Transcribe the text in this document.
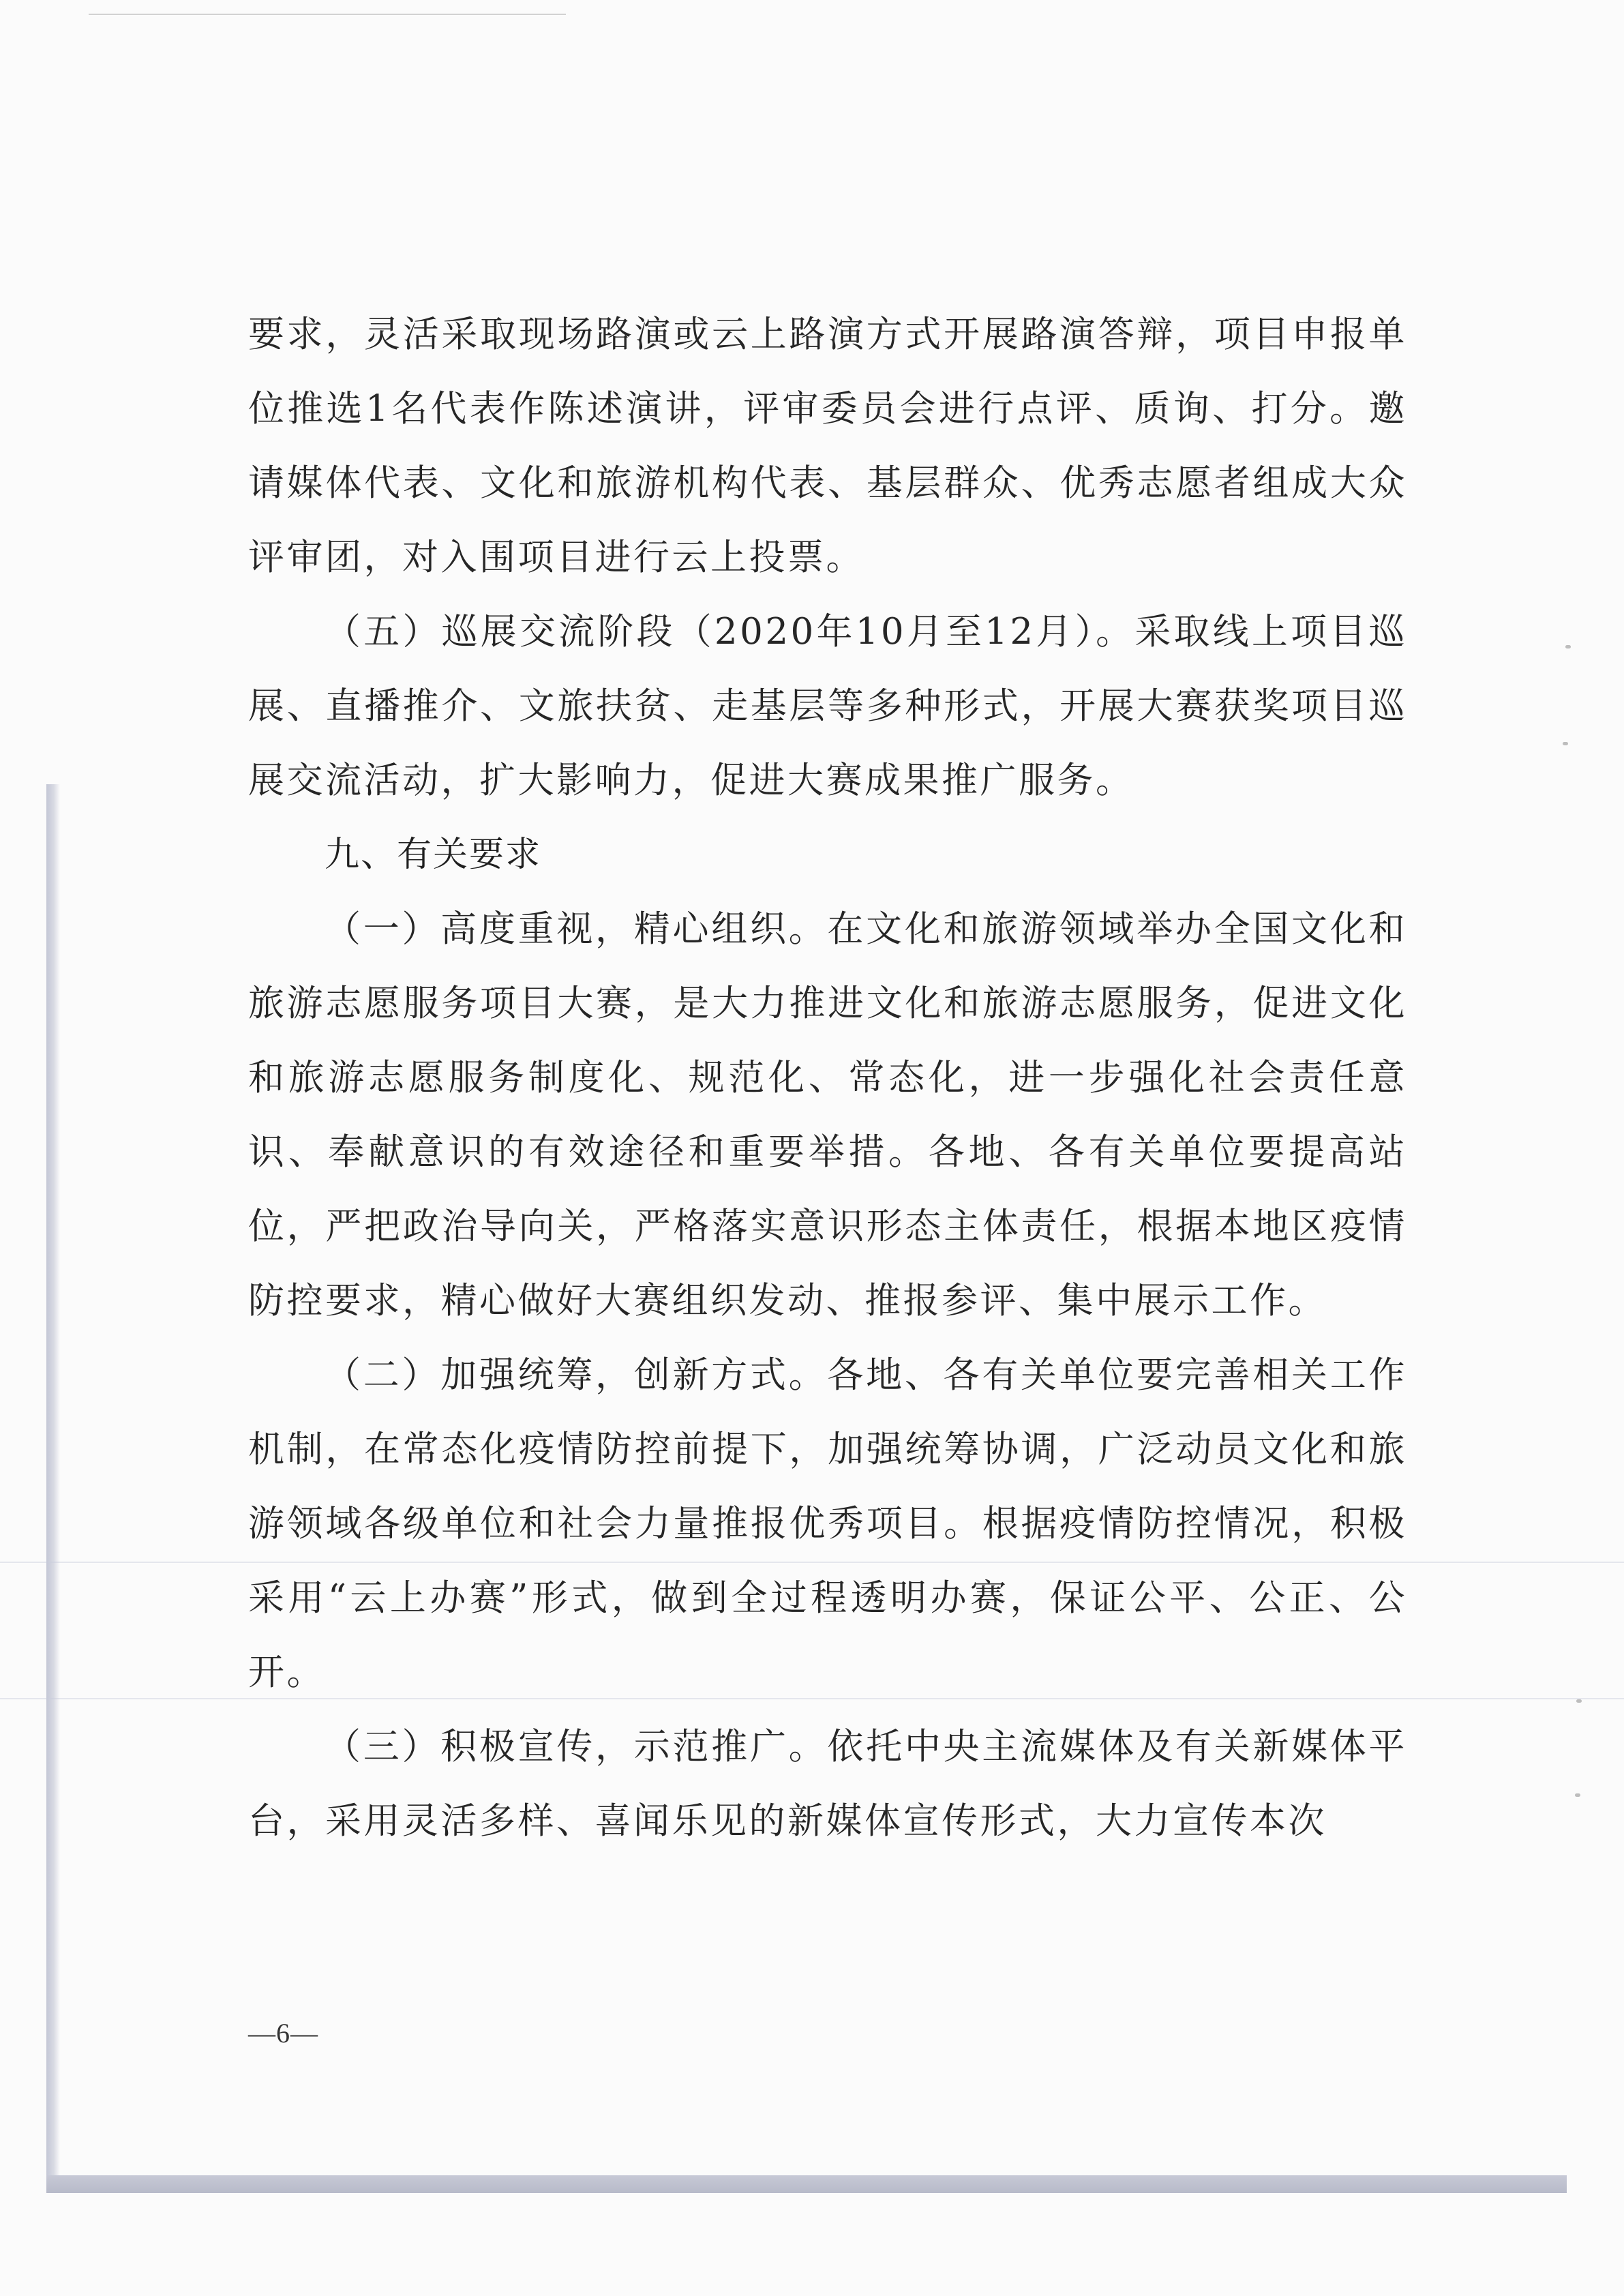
要求，灵活采取现场路演或云上路演方式开展路演答辩，项目申报单位推选1名代表作陈述演讲，评审委员会进行点评、质询、打分。邀请媒体代表、文化和旅游机构代表、基层群众、优秀志愿者组成大众评审团，对入围项目进行云上投票。

（五）巡展交流阶段（2020年10月至12月）。采取线上项目巡展、直播推介、文旅扶贫、走基层等多种形式，开展大赛获奖项目巡展交流活动，扩大影响力，促进大赛成果推广服务。

九、有关要求

（一）高度重视，精心组织。在文化和旅游领域举办全国文化和旅游志愿服务项目大赛，是大力推进文化和旅游志愿服务，促进文化和旅游志愿服务制度化、规范化、常态化，进一步强化社会责任意识、奉献意识的有效途径和重要举措。各地、各有关单位要提高站位，严把政治导向关，严格落实意识形态主体责任，根据本地区疫情防控要求，精心做好大赛组织发动、推报参评、集中展示工作。

（二）加强统筹，创新方式。各地、各有关单位要完善相关工作机制，在常态化疫情防控前提下，加强统筹协调，广泛动员文化和旅游领域各级单位和社会力量推报优秀项目。根据疫情防控情况，积极采用“云上办赛”形式，做到全过程透明办赛，保证公平、公正、公开。

（三）积极宣传，示范推广。依托中央主流媒体及有关新媒体平台，采用灵活多样、喜闻乐见的新媒体宣传形式，大力宣传本次

—6—
